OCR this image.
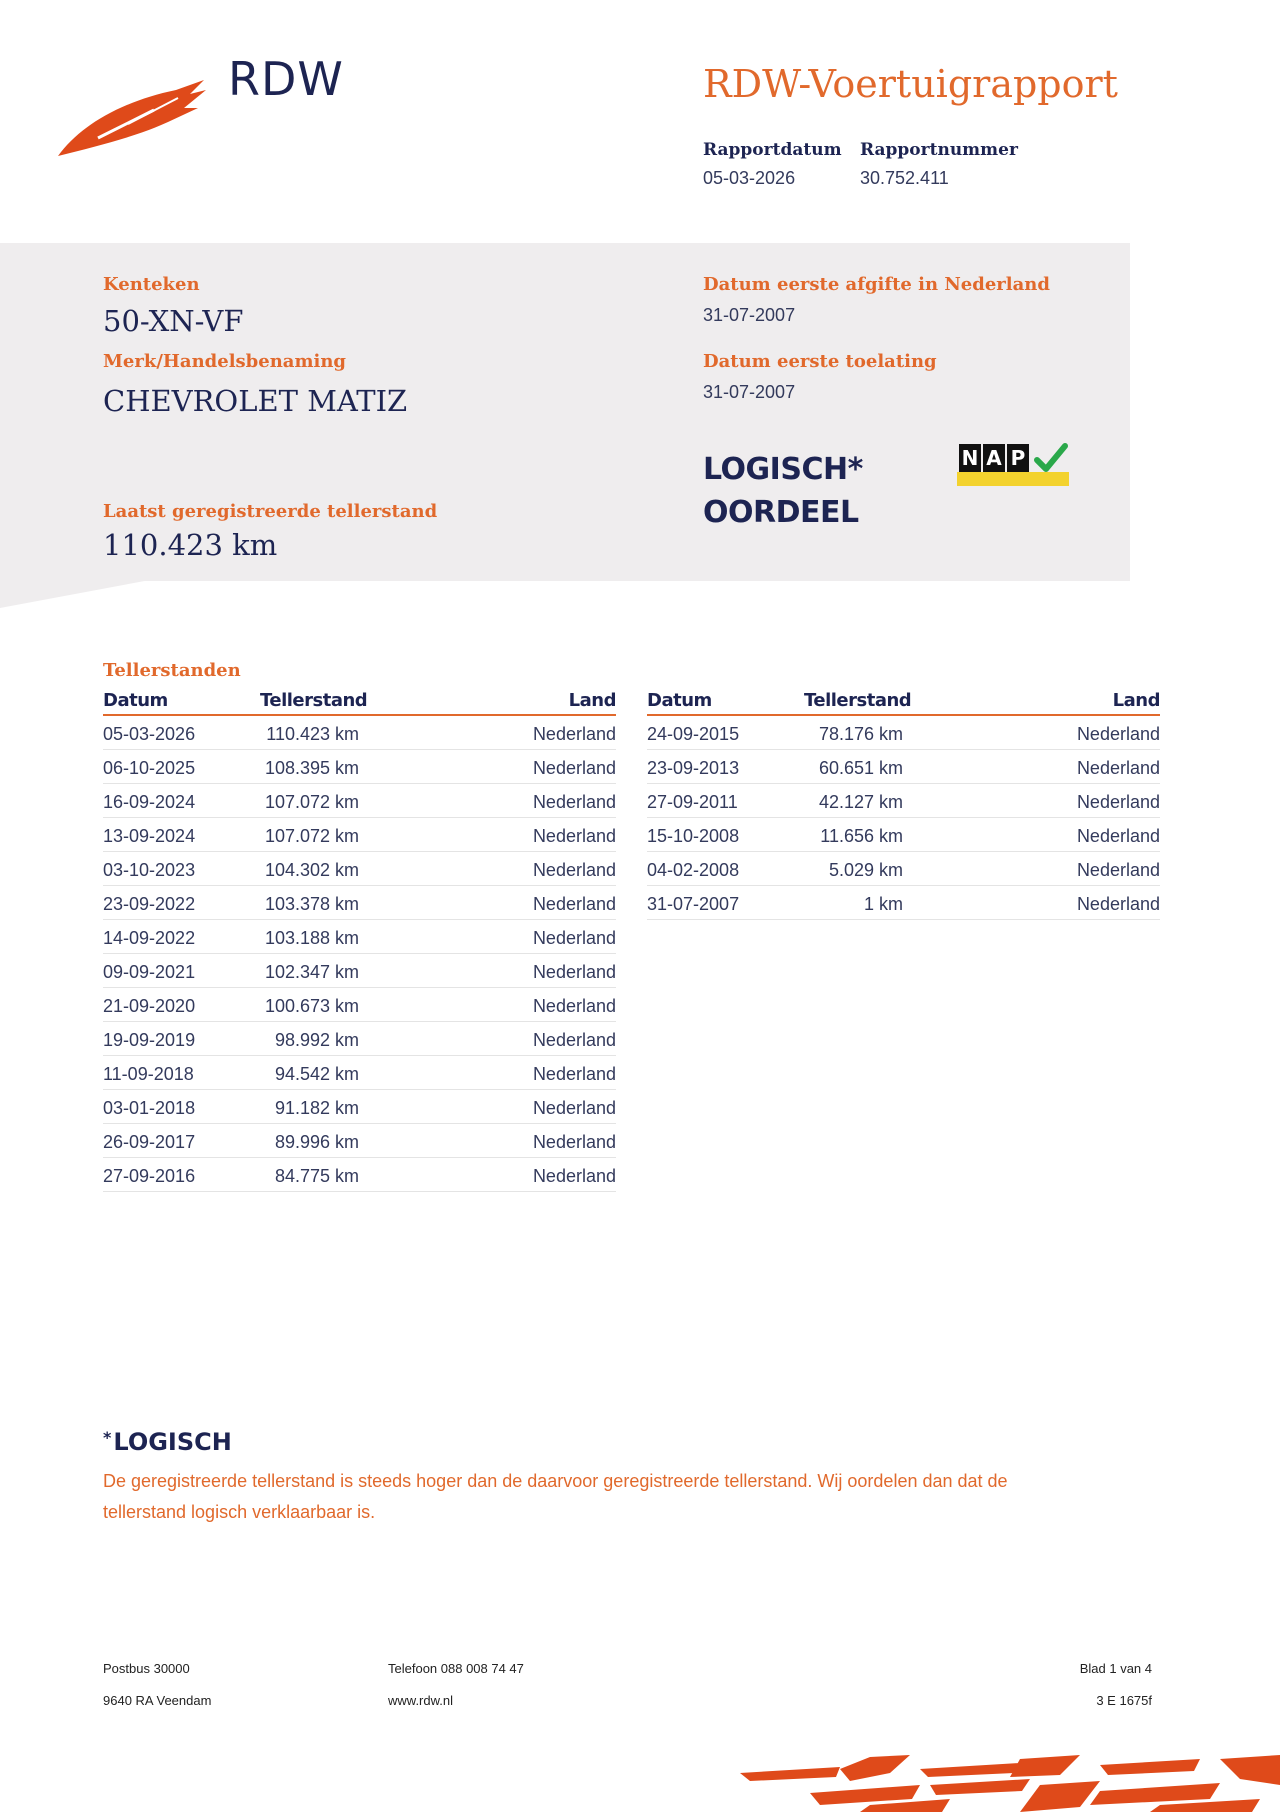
RDW	RDW-Voertuigrapport
Rapportdatum
05-03-2026
Rapportnummer
30.752.411
Kenteken
50-XN-VF
Merk/Handelsbenaming
CHEVROLET MATIZ
Laatst geregistreerde tellerstand
110.423 km
Datum eerste afgifte in Nederland
31-07-2007
Datum eerste toelating
31-07-2007
LOGISCH*
OORDEEL
N A P
Tellerstanden
Datum	Tellerstand	Land
05-03-2026	110.423 km	Nederland
06-10-2025	108.395 km	Nederland
16-09-2024	107.072 km	Nederland
13-09-2024	107.072 km	Nederland
03-10-2023	104.302 km	Nederland
23-09-2022	103.378 km	Nederland
14-09-2022	103.188 km	Nederland
09-09-2021	102.347 km	Nederland
21-09-2020	100.673 km	Nederland
19-09-2019	98.992 km	Nederland
11-09-2018	94.542 km	Nederland
03-01-2018	91.182 km	Nederland
26-09-2017	89.996 km	Nederland
27-09-2016	84.775 km	Nederland
Datum	Tellerstand	Land
24-09-2015	78.176 km	Nederland
23-09-2013	60.651 km	Nederland
27-09-2011	42.127 km	Nederland
15-10-2008	11.656 km	Nederland
04-02-2008	5.029 km	Nederland
31-07-2007	1 km	Nederland
*LOGISCH
De geregistreerde tellerstand is steeds hoger dan de daarvoor geregistreerde tellerstand. Wij oordelen dan dat de tellerstand logisch verklaarbaar is.
Postbus 30000
9640 RA Veendam
Telefoon 088 008 74 47
www.rdw.nl
Blad 1 van 4
3 E 1675f
